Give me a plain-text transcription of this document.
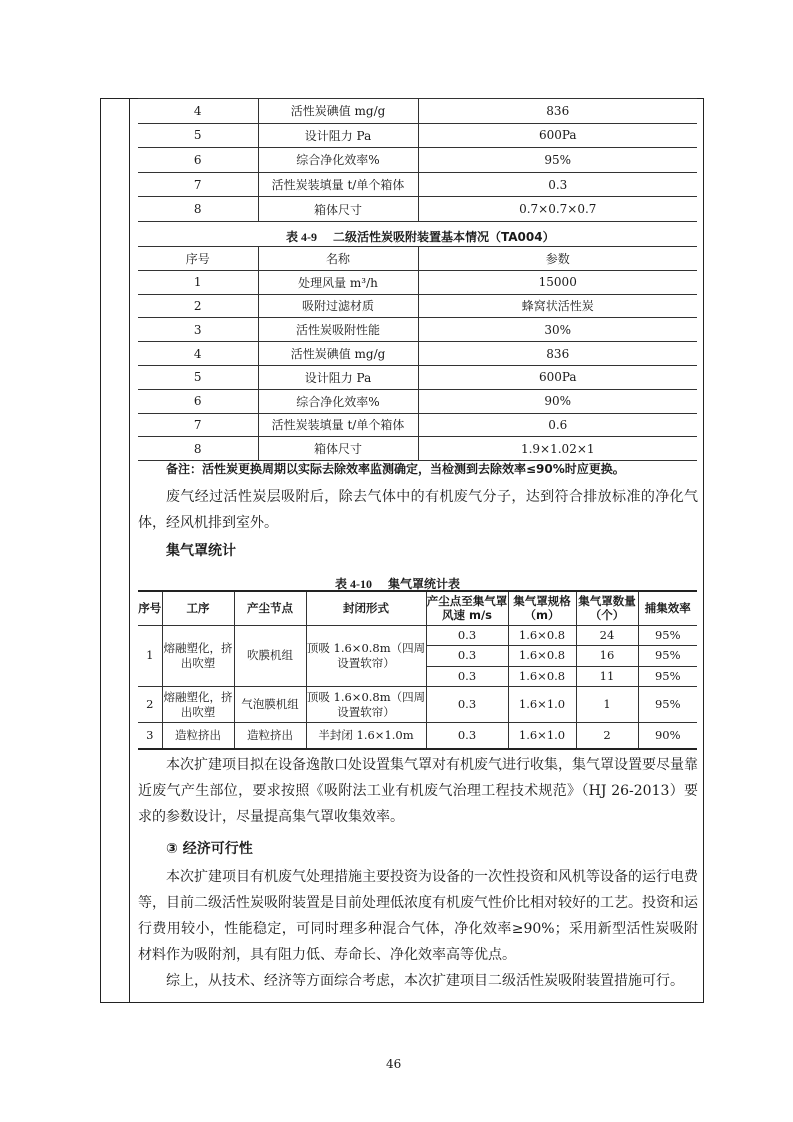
4	活性炭碘值 mg/g	836
5	设计阻力 Pa	600Pa
6	综合净化效率%	95%
7	活性炭装填量 t/单个箱体	0.3
8	箱体尺寸	0.7×0.7×0.7
表 4-9 二级活性炭吸附装置基本情况（TA004）
序号	名称	参数
1	处理风量 m³/h	15000
2	吸附过滤材质	蜂窝状活性炭
3	活性炭吸附性能	30%
4	活性炭碘值 mg/g	836
5	设计阻力 Pa	600Pa
6	综合净化效率%	90%
7	活性炭装填量 t/单个箱体	0.6
8	箱体尺寸	1.9×1.02×1
备注：活性炭更换周期以实际去除效率监测确定，当检测到去除效率≤90%时应更换。

废气经过活性炭层吸附后，除去气体中的有机废气分子，达到符合排放标准的净化气体，经风机排到室外。

集气罩统计
表 4-10 集气罩统计表
序号	工序	产尘节点	封闭形式	产尘点至集气罩风速 m/s	集气罩规格（m）	集气罩数量（个）	捕集效率
1	熔融塑化，挤出吹塑	吹膜机组	顶吸 1.6×0.8m（四周设置软帘）	0.3	1.6×0.8	24	95%
				0.3	1.6×0.8	16	95%
				0.3	1.6×0.8	11	95%
2	熔融塑化，挤出吹塑	气泡膜机组	顶吸 1.6×0.8m（四周设置软帘）	0.3	1.6×1.0	1	95%
3	造粒挤出	造粒挤出	半封闭 1.6×1.0m	0.3	1.6×1.0	2	90%

本次扩建项目拟在设备逸散口处设置集气罩对有机废气进行收集，集气罩设置要尽量靠近废气产生部位，要求按照《吸附法工业有机废气治理工程技术规范》（HJ 26-2013）要求的参数设计，尽量提高集气罩收集效率。

③ 经济可行性

本次扩建项目有机废气处理措施主要投资为设备的一次性投资和风机等设备的运行电费等，目前二级活性炭吸附装置是目前处理低浓度有机废气性价比相对较好的工艺。投资和运行费用较小，性能稳定，可同时理多种混合气体，净化效率≥90%；采用新型活性炭吸附材料作为吸附剂，具有阻力低、寿命长、净化效率高等优点。

综上，从技术、经济等方面综合考虑，本次扩建项目二级活性炭吸附装置措施可行。

46
